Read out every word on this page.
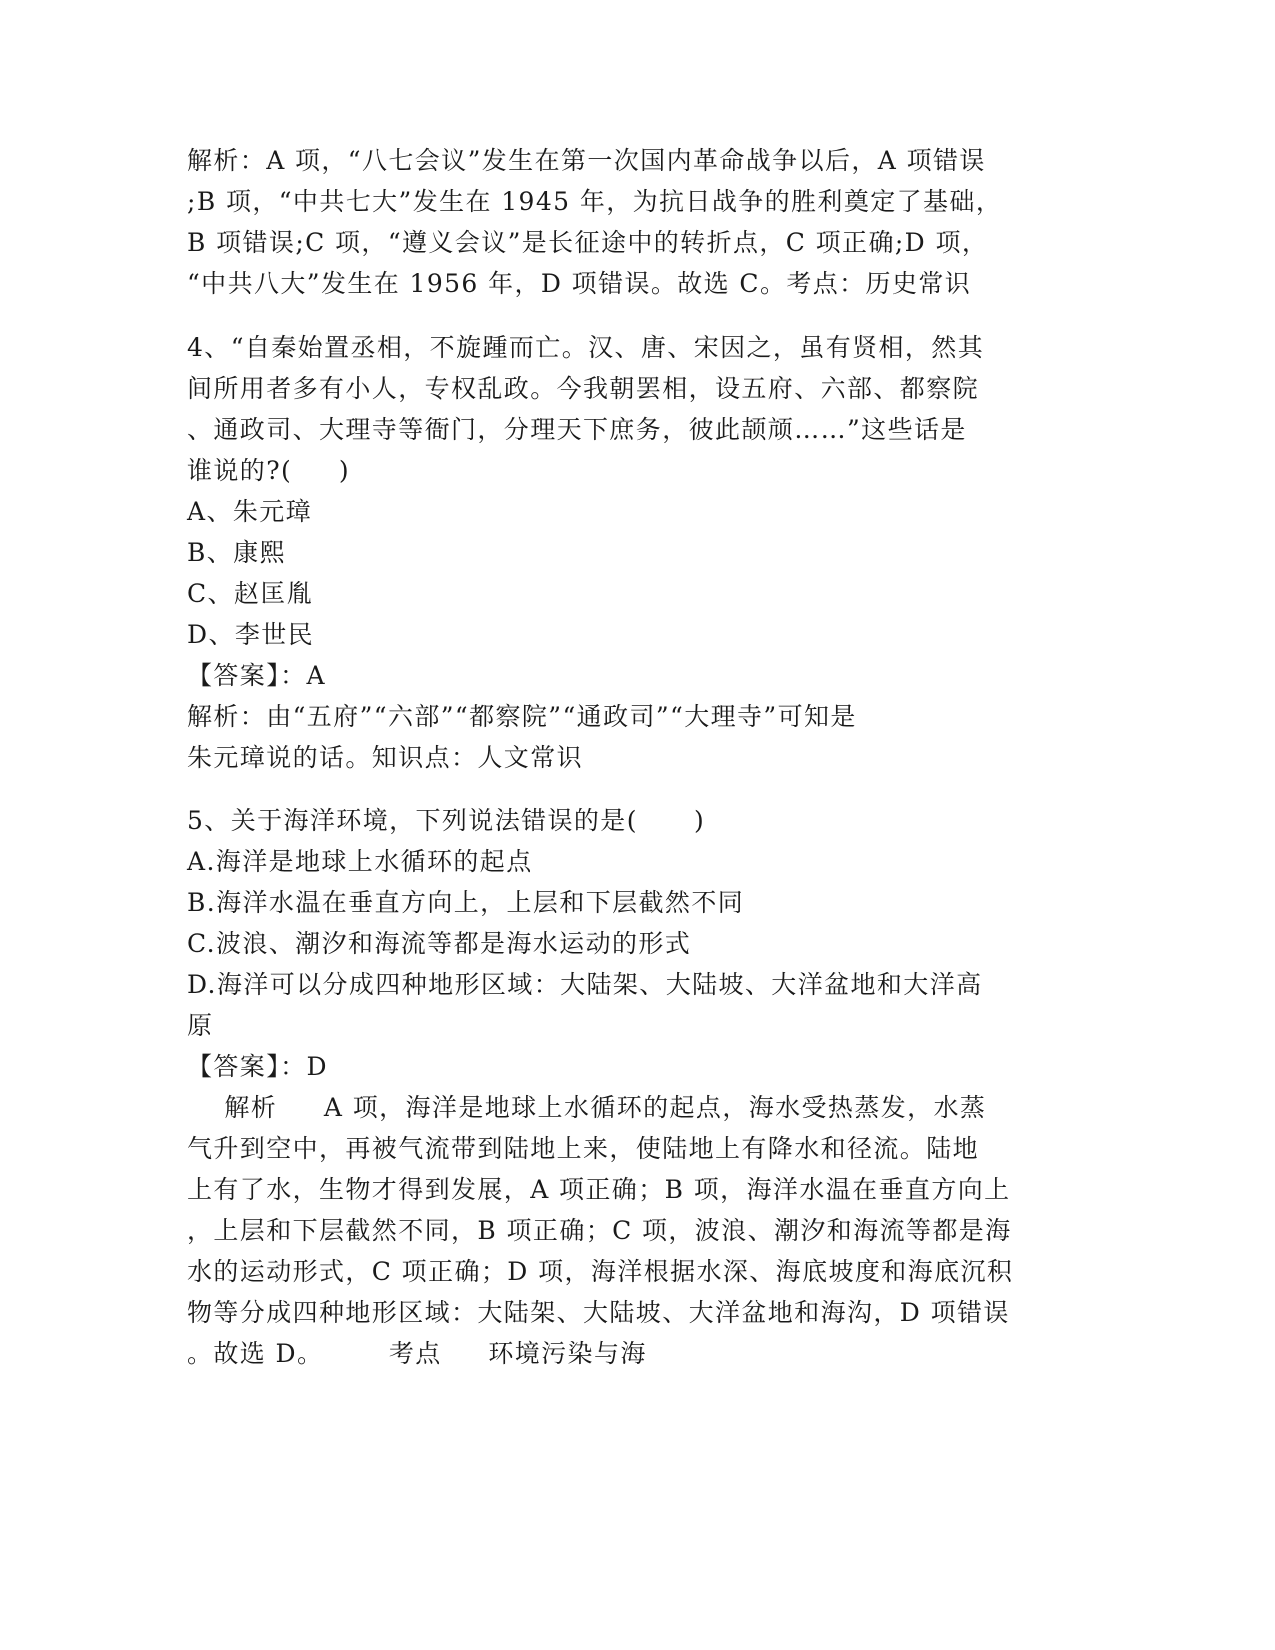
解析：A 项，“八七会议”发生在第一次国内革命战争以后，A 项错误
;B 项，“中共七大”发生在 1945 年，为抗日战争的胜利奠定了基础，
B 项错误;C 项，“遵义会议”是长征途中的转折点，C 项正确;D 项，
“中共八大”发生在 1956 年，D 项错误。故选 C。考点：历史常识
4、“自秦始置丞相，不旋踵而亡。汉、唐、宋因之，虽有贤相，然其
间所用者多有小人，专权乱政。今我朝罢相，设五府、六部、都察院
、通政司、大理寺等衙门，分理天下庶务，彼此颉颃……”这些话是
谁说的?(     )
A、朱元璋
B、康熙
C、赵匡胤
D、李世民
【答案】：A
解析：由“五府”“六部”“都察院”“通政司”“大理寺”可知是
朱元璋说的话。知识点：人文常识
5、关于海洋环境，下列说法错误的是(      )
A.海洋是地球上水循环的起点
B.海洋水温在垂直方向上，上层和下层截然不同
C.波浪、潮汐和海流等都是海水运动的形式
D.海洋可以分成四种地形区域：大陆架、大陆坡、大洋盆地和大洋高
原
【答案】：D
解析     A 项，海洋是地球上水循环的起点，海水受热蒸发，水蒸
气升到空中，再被气流带到陆地上来，使陆地上有降水和径流。陆地
上有了水，生物才得到发展，A 项正确；B 项，海洋水温在垂直方向上
，上层和下层截然不同，B 项正确；C 项，波浪、潮汐和海流等都是海
水的运动形式，C 项正确；D 项，海洋根据水深、海底坡度和海底沉积
物等分成四种地形区域：大陆架、大陆坡、大洋盆地和海沟，D 项错误
。故选 D。       考点     环境污染与海
